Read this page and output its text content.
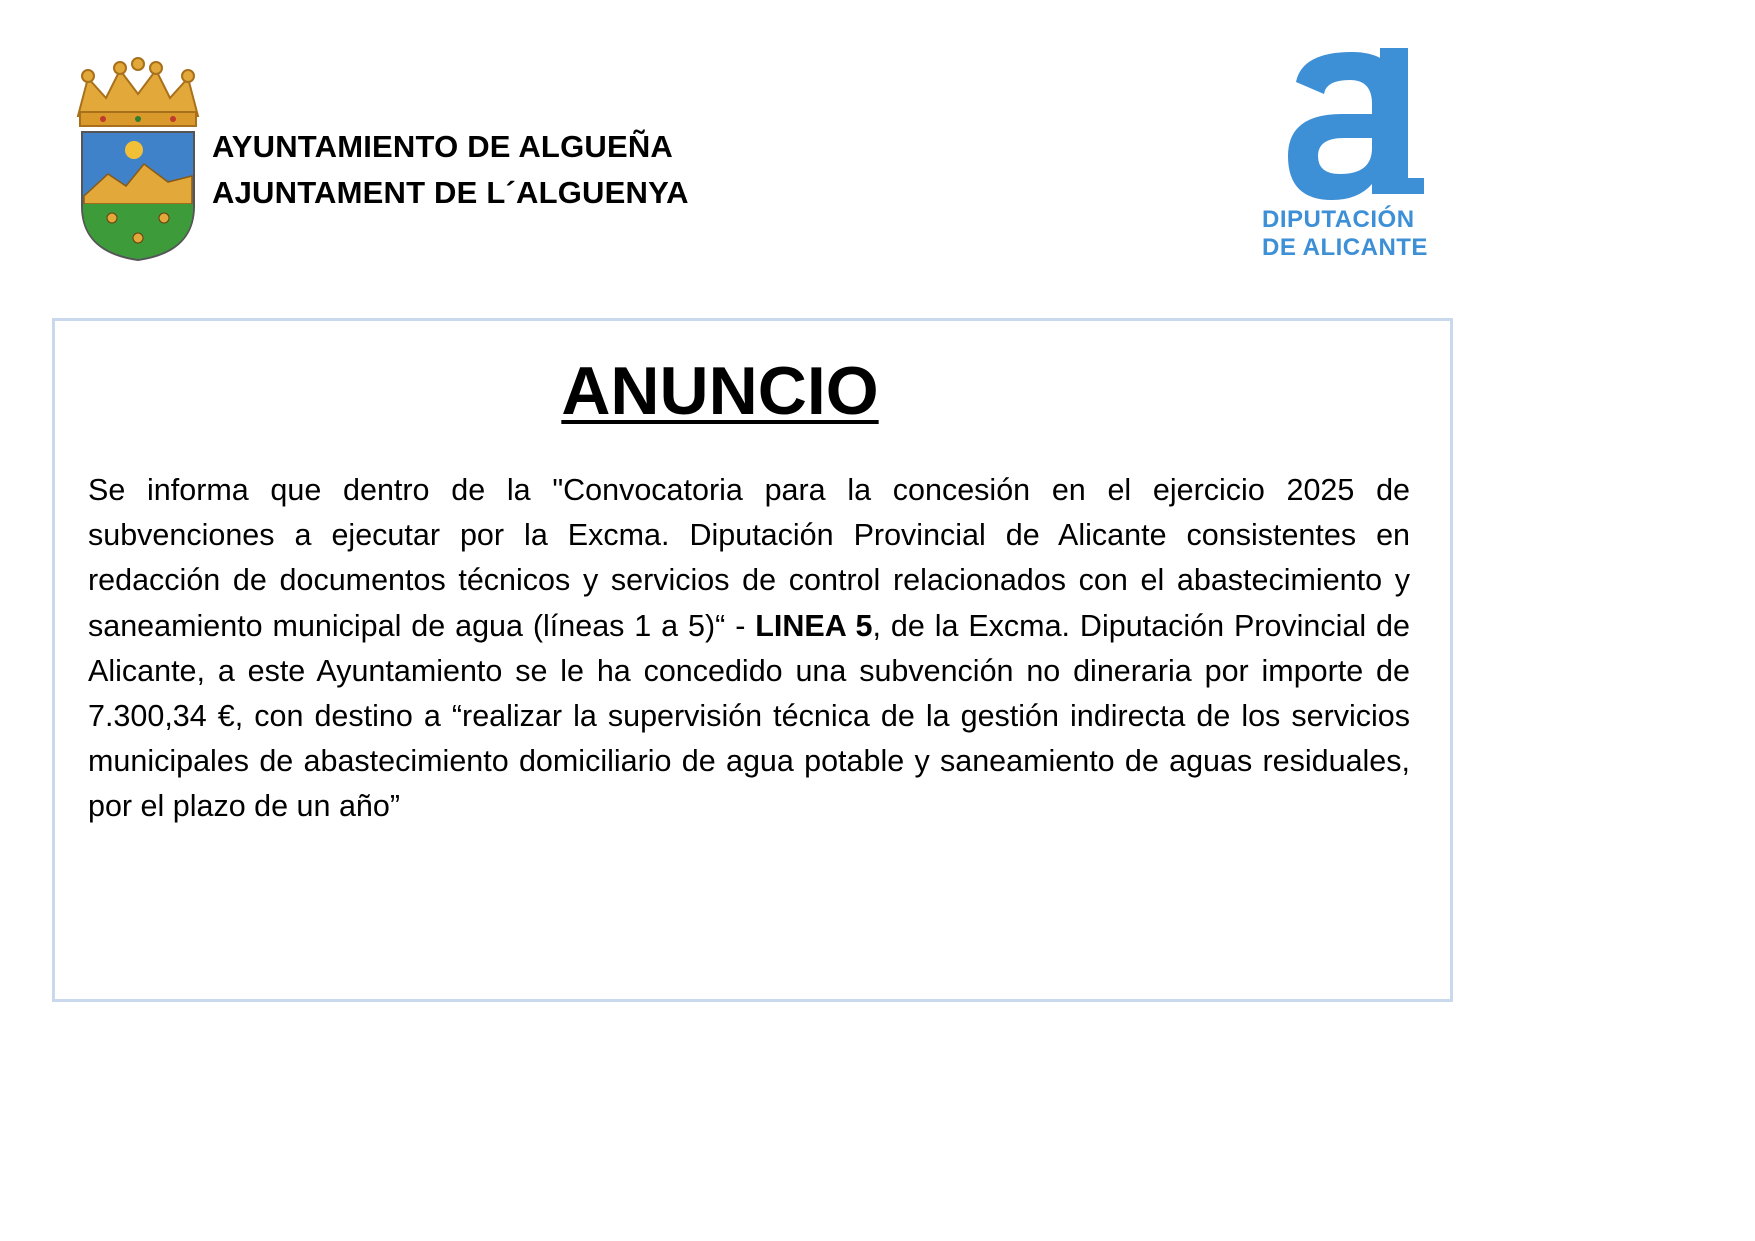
AYUNTAMIENTO DE ALGUEÑA
AJUNTAMENT DE L´ALGUENYA
DIPUTACIÓN
DE ALICANTE
ANUNCIO
Se informa que dentro de la "Convocatoria para la concesión en el ejercicio 2025 de subvenciones a ejecutar por la Excma. Diputación Provincial de Alicante consistentes en redacción de documentos técnicos y servicios de control relacionados con el abastecimiento y saneamiento municipal de agua (líneas 1 a 5)“ - LINEA 5, de la Excma. Diputación Provincial de Alicante, a este Ayuntamiento se le ha concedido una subvención no dineraria por importe de 7.300,34 €, con destino a “realizar la supervisión técnica de la gestión indirecta de los servicios municipales de abastecimiento domiciliario de agua potable y saneamiento de aguas residuales, por el plazo de un año”
